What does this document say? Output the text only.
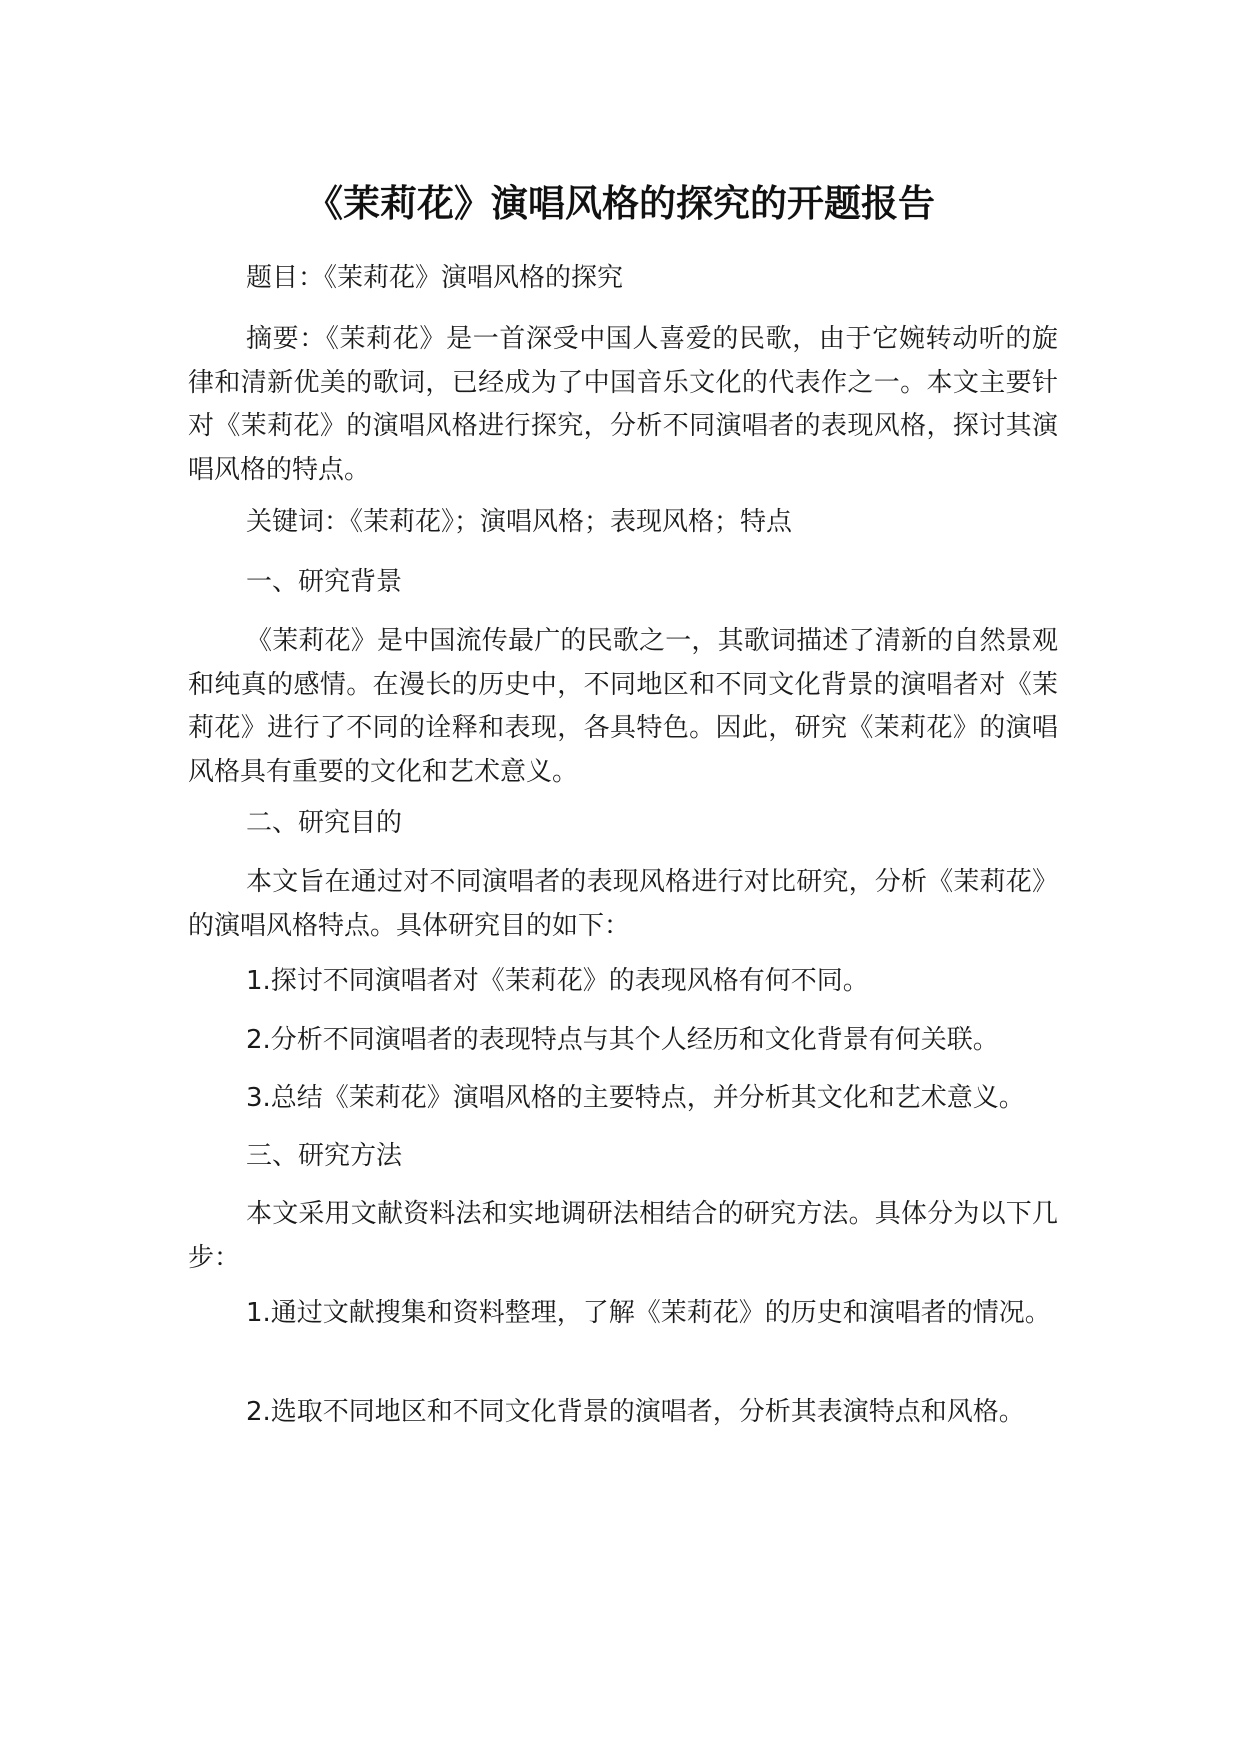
《茉莉花》演唱风格的探究的开题报告

题目：《茉莉花》演唱风格的探究

摘要：《茉莉花》是一首深受中国人喜爱的民歌，由于它婉转动听的旋律和清新优美的歌词，已经成为了中国音乐文化的代表作之一。本文主要针对《茉莉花》的演唱风格进行探究，分析不同演唱者的表现风格，探讨其演唱风格的特点。

关键词：《茉莉花》；演唱风格；表现风格；特点

一、研究背景

《茉莉花》是中国流传最广的民歌之一，其歌词描述了清新的自然景观和纯真的感情。在漫长的历史中，不同地区和不同文化背景的演唱者对《茉莉花》进行了不同的诠释和表现，各具特色。因此，研究《茉莉花》的演唱风格具有重要的文化和艺术意义。

二、研究目的

本文旨在通过对不同演唱者的表现风格进行对比研究，分析《茉莉花》的演唱风格特点。具体研究目的如下：

1.探讨不同演唱者对《茉莉花》的表现风格有何不同。

2.分析不同演唱者的表现特点与其个人经历和文化背景有何关联。

3.总结《茉莉花》演唱风格的主要特点，并分析其文化和艺术意义。

三、研究方法

本文采用文献资料法和实地调研法相结合的研究方法。具体分为以下几步：

1.通过文献搜集和资料整理，了解《茉莉花》的历史和演唱者的情况。

2.选取不同地区和不同文化背景的演唱者，分析其表演特点和风格。
